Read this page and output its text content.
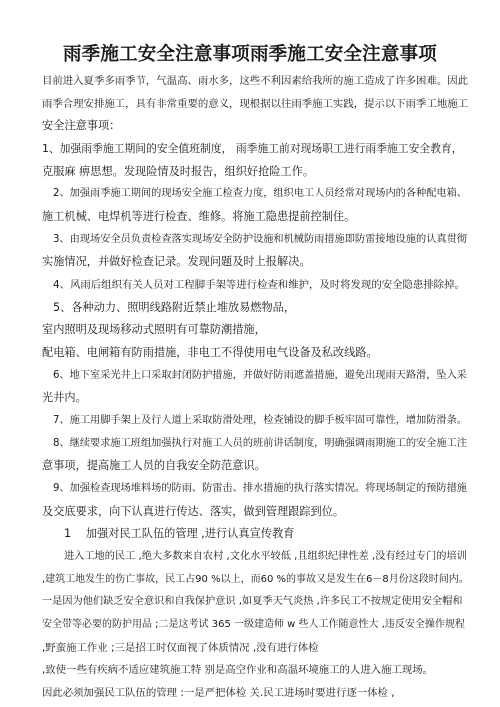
雨季施工安全注意事项雨季施工安全注意事项
目前进入夏季多雨季节，气温高、雨水多，这些不利因素给我所的施工造成了许多困难。因此
雨季合理安排施工，具有非常重要的意义，现根据以往雨季施工实践，提示以下雨季工地施工
安全注意事项：
1、加强雨季施工期间的安全值班制度， 雨季施工前对现场职工进行雨季施工安全教育，
克服麻 痹思想。发现险情及时报告，组织好抢险工作。
2、加强雨季施工期间的现场安全施工检查力度，组织电工人员经常对现场内的各种配电箱、
施工机械、电焊机等进行检查、维修。将施工隐患提前控制住。
3、由现场安全员负责检查落实现场安全防护设施和机械防雨措施即防雷接地设施的认真贯彻
实施情况，并做好检查记录。发现问题及时上报解决。
4、风雨后组织有关人员对工程脚手架等进行检查和维护，及时将发现的安全隐患排除掉。
5、各种动力、照明线路附近禁止堆放易燃物品，
室内照明及现场移动式照明有可靠防潮措施，
配电箱、电闸箱有防雨措施，非电工不得使用电气设备及私改线路。
6、地下室采光井上口采取封闭防护措施，并做好防雨遮盖措施，避免出现雨天路滑，坠入采
光井内。
7、施工用脚手架上及行人道上采取防滑处理，检查铺设的脚手板牢固可靠性，增加防滑条。
8、继续要求施工班组加强执行对施工人员的班前讲话制度，明确强调雨期施工的安全施工注
意事项，提高施工人员的自我安全防范意识。
9、加强检查现场堆料场的防雨、防雷击、排水措施的执行落实情况。将现场制定的预防措施
及交底要求，向下认真进行传达、落实，做到管理跟踪到位。
1　 加强对民工队伍的管理 ,进行认真宣传教育
进入工地的民工 ,绝大多数来自农村 ,文化水平较低 ,且组织纪律性差 ,没有经过专门的培训
,建筑工地发生的伤亡事故，民工占90 %以上，而60 %的事故又是发生在6－8月份这段时间内。
一是因为他们缺乏安全意识和自我保护意识 ,如夏季天气炎热 ,许多民工不按规定使用安全帽和
安全带等必要的防护用品 ;二是这考试 365 一级建造师 w 些人工作随意性大 ,违反安全操作规程
,野蛮施工作业 ;三是招工时仅面视了体质情况 ,没有进行体检
,致使一些有疾病不适应建筑施工特 别是高空作业和高温环境施工的人进入施工现场。
因此必须加强民工队伍的管理 :一是严把体检 关.民工进场时要进行逐一体检 ,
